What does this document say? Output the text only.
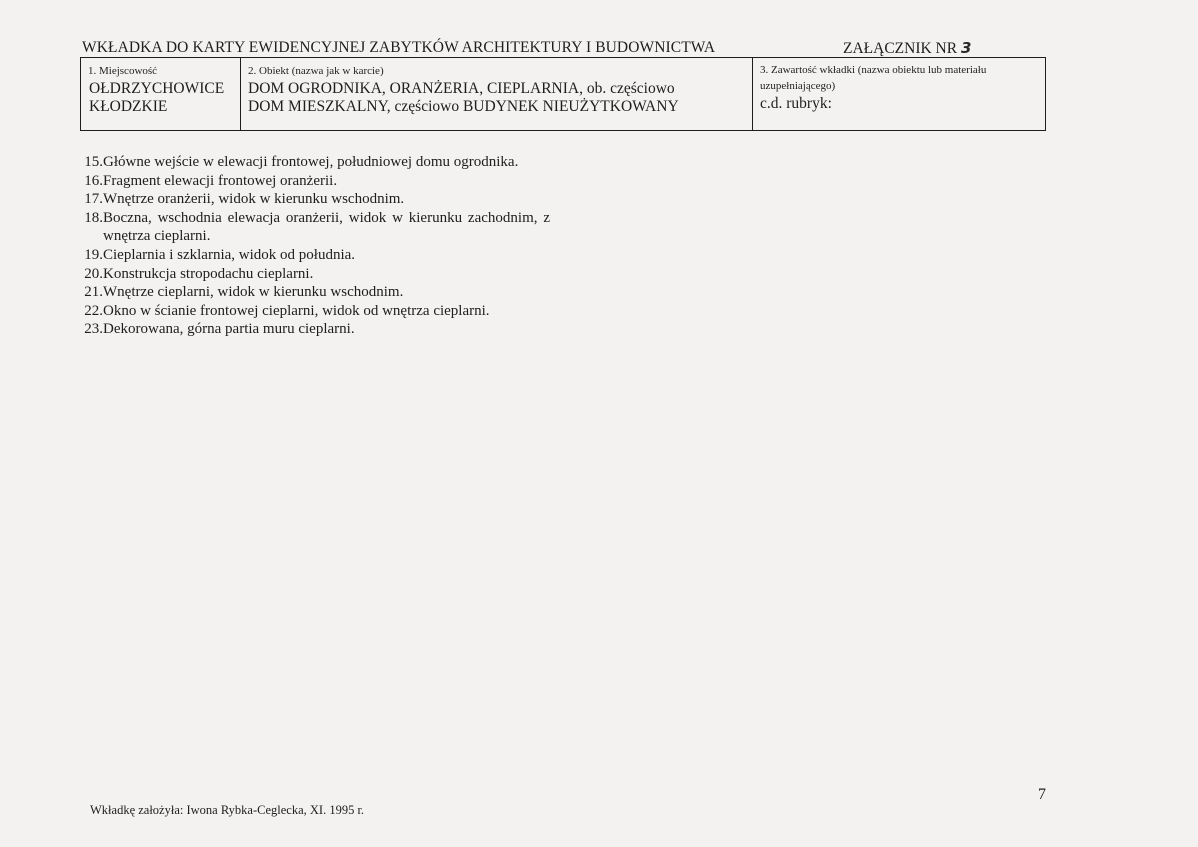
WKŁADKA DO KARTY EWIDENCYJNEJ ZABYTKÓW ARCHITEKTURY I BUDOWNICTWA	ZAŁĄCZNIK NR 3
1. Miejscowość
OŁDRZYCHOWICE
KŁODZKIE
2. Obiekt (nazwa jak w karcie)
DOM OGRODNIKA, ORANŻERIA, CIEPLARNIA, ob. częściowo
DOM MIESZKALNY, częściowo BUDYNEK NIEUŻYTKOWANY
3. Zawartość wkładki (nazwa obiektu lub materiału uzupełniającego)
c.d. rubryk:
15. Główne wejście w elewacji frontowej, południowej domu ogrodnika.
16. Fragment elewacji frontowej oranżerii.
17. Wnętrze oranżerii, widok w kierunku wschodnim.
18. Boczna, wschodnia elewacja oranżerii, widok w kierunku zachodnim, z wnętrza cieplarni.
19. Cieplarnia i szklarnia, widok od południa.
20. Konstrukcja stropodachu cieplarni.
21. Wnętrze cieplarni, widok w kierunku wschodnim.
22. Okno w ścianie frontowej cieplarni, widok od wnętrza cieplarni.
23. Dekorowana, górna partia muru cieplarni.
Wkładkę założyła: Iwona Rybka-Ceglecka, XI. 1995 r.
7
